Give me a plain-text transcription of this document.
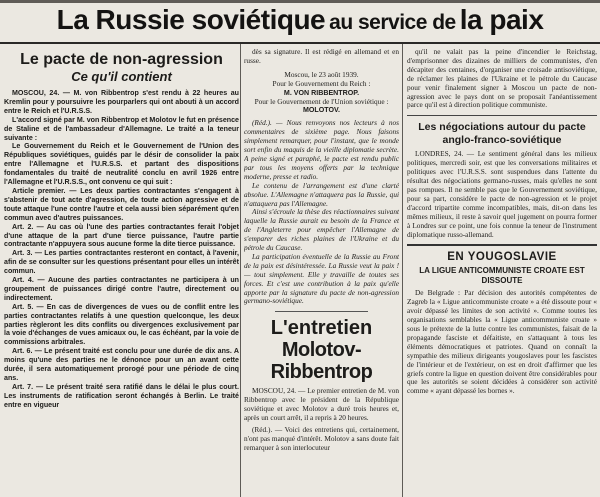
La Russie soviétique au service de la paix
Le pacte de non-agression
Ce qu'il contient

MOSCOU, 24. — M. von Ribbentrop s'est rendu à 22 heures au Kremlin pour y poursuivre les pourparlers qui ont abouti à un accord entre le Reich et l'U.R.S.S.

L'accord signé par M. von Ribbentrop et Molotov le fut en présence de Staline et de l'ambassadeur d'Allemagne. Le traité a la teneur suivante :

Le Gouvernement du Reich et le Gouvernement de l'Union des Républiques soviétiques, guidés par le désir de consolider la paix entre l'Allemagne et l'U.R.S.S. et partant des dispositions fondamentales du traité de neutralité conclu en avril 1926 entre l'Allemagne et l'U.R.S.S., ont convenu ce qui suit :

Article premier. — Les deux parties contractantes s'engagent à s'abstenir de tout acte d'agression, de toute action agressive et de toute attaque l'une contre l'autre et cela aussi bien séparément qu'en commun avec d'autres puissances.

Art. 2. — Au cas où l'une des parties contractantes ferait l'objet d'une attaque de la part d'une tierce puissance, l'autre partie contractante n'appuyera sous aucune forme la dite tierce puissance.

Art. 3. — Les parties contractantes resteront en contact, à l'avenir, afin de se consulter sur les questions présentant pour elles un intérêt commun.

Art. 4. — Aucune des parties contractantes ne participera à un groupement de puissances dirigé contre l'autre, directement ou indirectement.

Art. 5. — En cas de divergences de vues ou de conflit entre les parties contractantes relatifs à une question quelconque, les deux parties règleront les dits conflits ou divergences exclusivement par la voie d'échanges de vues amicaux ou, le cas échéant, par la voie de commissions arbitrales.

Art. 6. — Le présent traité est conclu pour une durée de dix ans. A moins qu'une des parties ne le dénonce pour un an avant cette durée, il sera automatiquement prorogé pour une période de cinq ans.

Art. 7. — Le présent traité sera ratifié dans le délai le plus court. Les instruments de ratification seront échangés à Berlin. Le traité entre en vigueur

dès sa signature. Il est rédigé en allemand et en russe.

Moscou, le 23 août 1939.

Pour le Gouvernement du Reich :

M. VON RIBBENTROP.

Pour le Gouvernement de l'Union soviétique :

MOLOTOV.

(Réd.). — Nous renvoyons nos lecteurs à nos commentaires de sixième page. Nous faisons simplement remarquer, pour l'instant, que le monde sort enfin du maquis de la vieille diplomatie secrète. A peine signé et paraphé, le pacte est rendu public par tous les moyens offerts par la technique moderne, presse et radio.

Le contenu de l'arrangement est d'une clarté absolue. L'Allemagne n'attaquera pas la Russie, qui n'attaquera pas l'Allemagne.

Ainsi s'écroule la thèse des réactionnaires suivant laquelle la Russie aurait eu besoin de la France et de l'Angleterre pour empêcher l'Allemagne de s'emparer des riches plaines de l'Ukraine et du pétrole du Caucase.

La participation éventuelle de la Russie au Front de la paix est désintéressée. La Russie veut la paix ! — tout simplement. Elle y travaille de toutes ses forces. Et c'est une contribution à la paix qu'elle apporte par la signature du pacte de non-agression germano-soviétique.

L'entretien
Molotov-Ribbentrop

MOSCOU, 24. — Le premier entretien de M. von Ribbentrop avec le président de la République soviétique et avec Molotov a duré trois heures et, après un court arrêt, il a repris à 20 heures.

(Réd.). — Voici des entretiens qui, certainement, n'ont pas manqué d'intérêt. Molotov a sans doute fait remarquer à son interlocuteur

qu'il ne valait pas la peine d'incendier le Reichstag, d'emprisonner des dizaines de milliers de communistes, d'en décapiter des centaines, d'organiser une croisade antisoviétique, de réclamer les plaines de l'Ukraine et le pétrole du Caucase pour venir finalement signer à Moscou un pacte de non-agression avec le pays dont on se proposait l'anéantissement parce qu'il est à direction politique communiste.

Les négociations autour du pacte anglo-franco-soviétique

LONDRES, 24. — Le sentiment général dans les milieux politiques, mercredi soir, est que les conversations militaires et politiques avec l'U.R.S.S. sont suspendues dans l'attente du résultat des négociations germano-russes, mais qu'elles ne sont pas rompues. Il ne semble pas que le Gouvernement soviétique, pour sa part, considère le pacte de non-agression et le projet d'accord tripartite comme incompatibles, mais, dit-on dans les mêmes milieux, il reste à savoir quel jugement on pourra former à Londres sur ce point, une fois connue la teneur de l'instrument diplomatique russo-allemand.

EN YOUGOSLAVIE
LA LIGUE ANTICOMMUNISTE CROATE EST DISSOUTE

De Belgrade : Par décision des autorités compétentes de Zagreb la « Ligue anticommuniste croate » a été dissoute pour « avoir dépassé les limites de son activité ». Comme toutes les organisations semblables la « Ligue anticommuniste croate » sous le prétexte de la lutte contre les communistes, faisait de la propagande fasciste et défaitiste, en s'attaquant à tous les éléments démocratiques et patriotes. Quand on connaît la sympathie des milieux dirigeants yougoslaves pour les fascistes de l'intérieur et de l'extérieur, on est en droit d'affirmer que les griefs contre la ligue en question doivent être considérables pour que les autorités se soient décidées à considérer son activité comme « ayant dépassé les bornes ».
